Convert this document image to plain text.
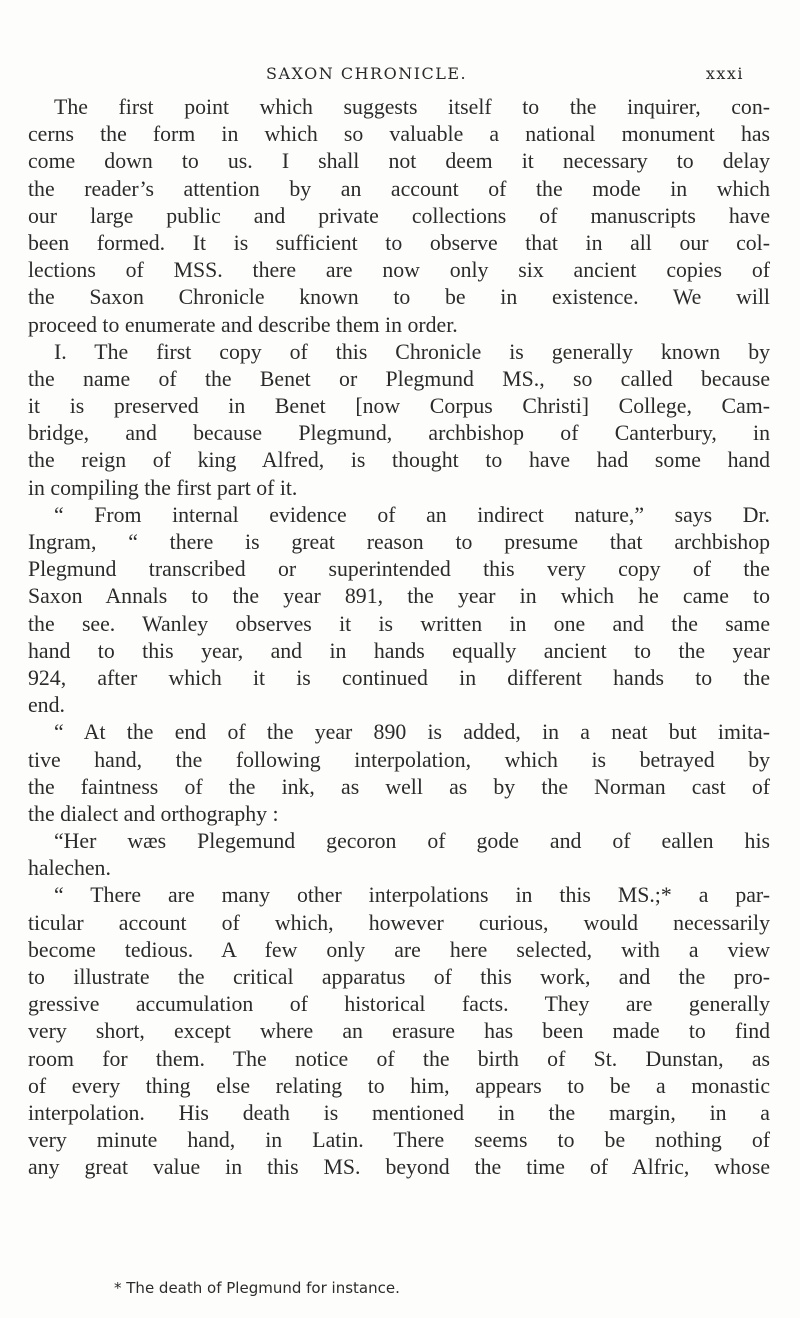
SAXON CHRONICLE.	xxxi
The first point which suggests itself to the inquirer, con-
cerns the form in which so valuable a national monument has
come down to us. I shall not deem it necessary to delay
the reader’s attention by an account of the mode in which
our large public and private collections of manuscripts have
been formed. It is sufficient to observe that in all our col-
lections of MSS. there are now only six ancient copies of
the Saxon Chronicle known to be in existence. We will
proceed to enumerate and describe them in order.
I. The first copy of this Chronicle is generally known by
the name of the Benet or Plegmund MS., so called because
it is preserved in Benet [now Corpus Christi] College, Cam-
bridge, and because Plegmund, archbishop of Canterbury, in
the reign of king Alfred, is thought to have had some hand
in compiling the first part of it.
“ From internal evidence of an indirect nature,” says Dr.
Ingram, “ there is great reason to presume that archbishop
Plegmund transcribed or superintended this very copy of the
Saxon Annals to the year 891, the year in which he came to
the see. Wanley observes it is written in one and the same
hand to this year, and in hands equally ancient to the year
924, after which it is continued in different hands to the
end.
“ At the end of the year 890 is added, in a neat but imita-
tive hand, the following interpolation, which is betrayed by
the faintness of the ink, as well as by the Norman cast of
the dialect and orthography :
“Her wæs Plegemund gecoron of gode and of eallen his
halechen.
“ There are many other interpolations in this MS.;* a par-
ticular account of which, however curious, would necessarily
become tedious. A few only are here selected, with a view
to illustrate the critical apparatus of this work, and the pro-
gressive accumulation of historical facts. They are generally
very short, except where an erasure has been made to find
room for them. The notice of the birth of St. Dunstan, as
of every thing else relating to him, appears to be a monastic
interpolation. His death is mentioned in the margin, in a
very minute hand, in Latin. There seems to be nothing of
any great value in this MS. beyond the time of Alfric, whose
* The death of Plegmund for instance.
